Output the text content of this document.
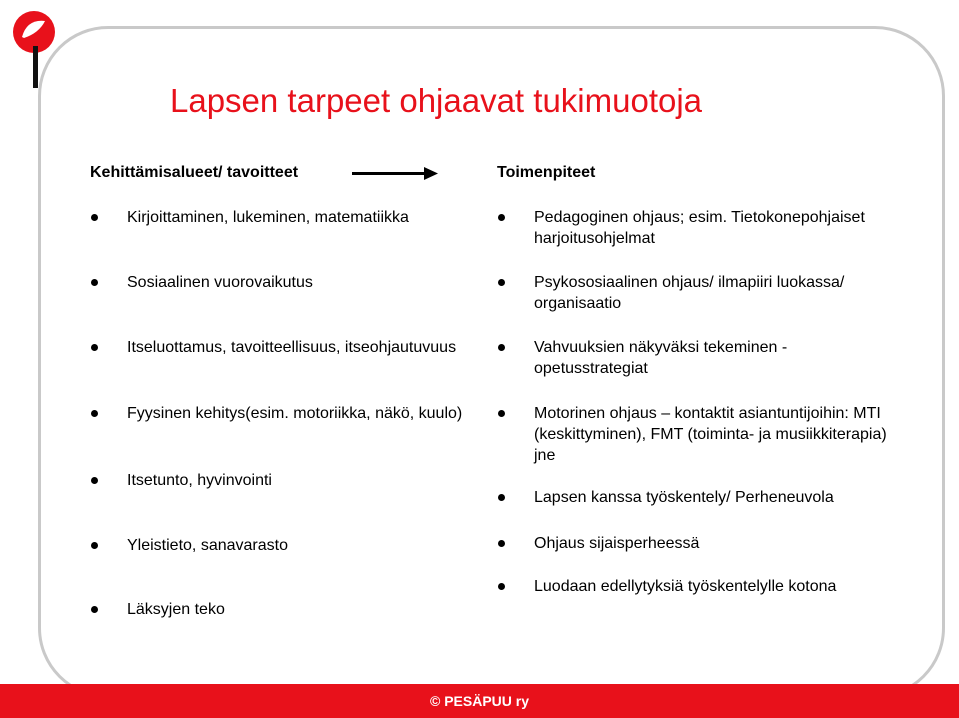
Lapsen tarpeet ohjaavat tukimuotoja
Kehittämisalueet/ tavoitteet	Toimenpiteet
Kirjoittaminen, lukeminen, matematiikka
Sosiaalinen vuorovaikutus
Itseluottamus, tavoitteellisuus, itseohjautuvuus
Fyysinen kehitys(esim. motoriikka, näkö, kuulo)
Itsetunto, hyvinvointi
Yleistieto, sanavarasto
Läksyjen teko
Pedagoginen ohjaus; esim. Tietokonepohjaiset harjoitusohjelmat
Psykososiaalinen ohjaus/ ilmapiiri luokassa/ organisaatio
Vahvuuksien näkyväksi tekeminen - opetusstrategiat
Motorinen ohjaus – kontaktit asiantuntijoihin: MTI (keskittyminen), FMT (toiminta- ja musiikkiterapia) jne
Lapsen kanssa työskentely/ Perheneuvola
Ohjaus sijaisperheessä
Luodaan edellytyksiä työskentelylle kotona
© PESÄPUU ry
